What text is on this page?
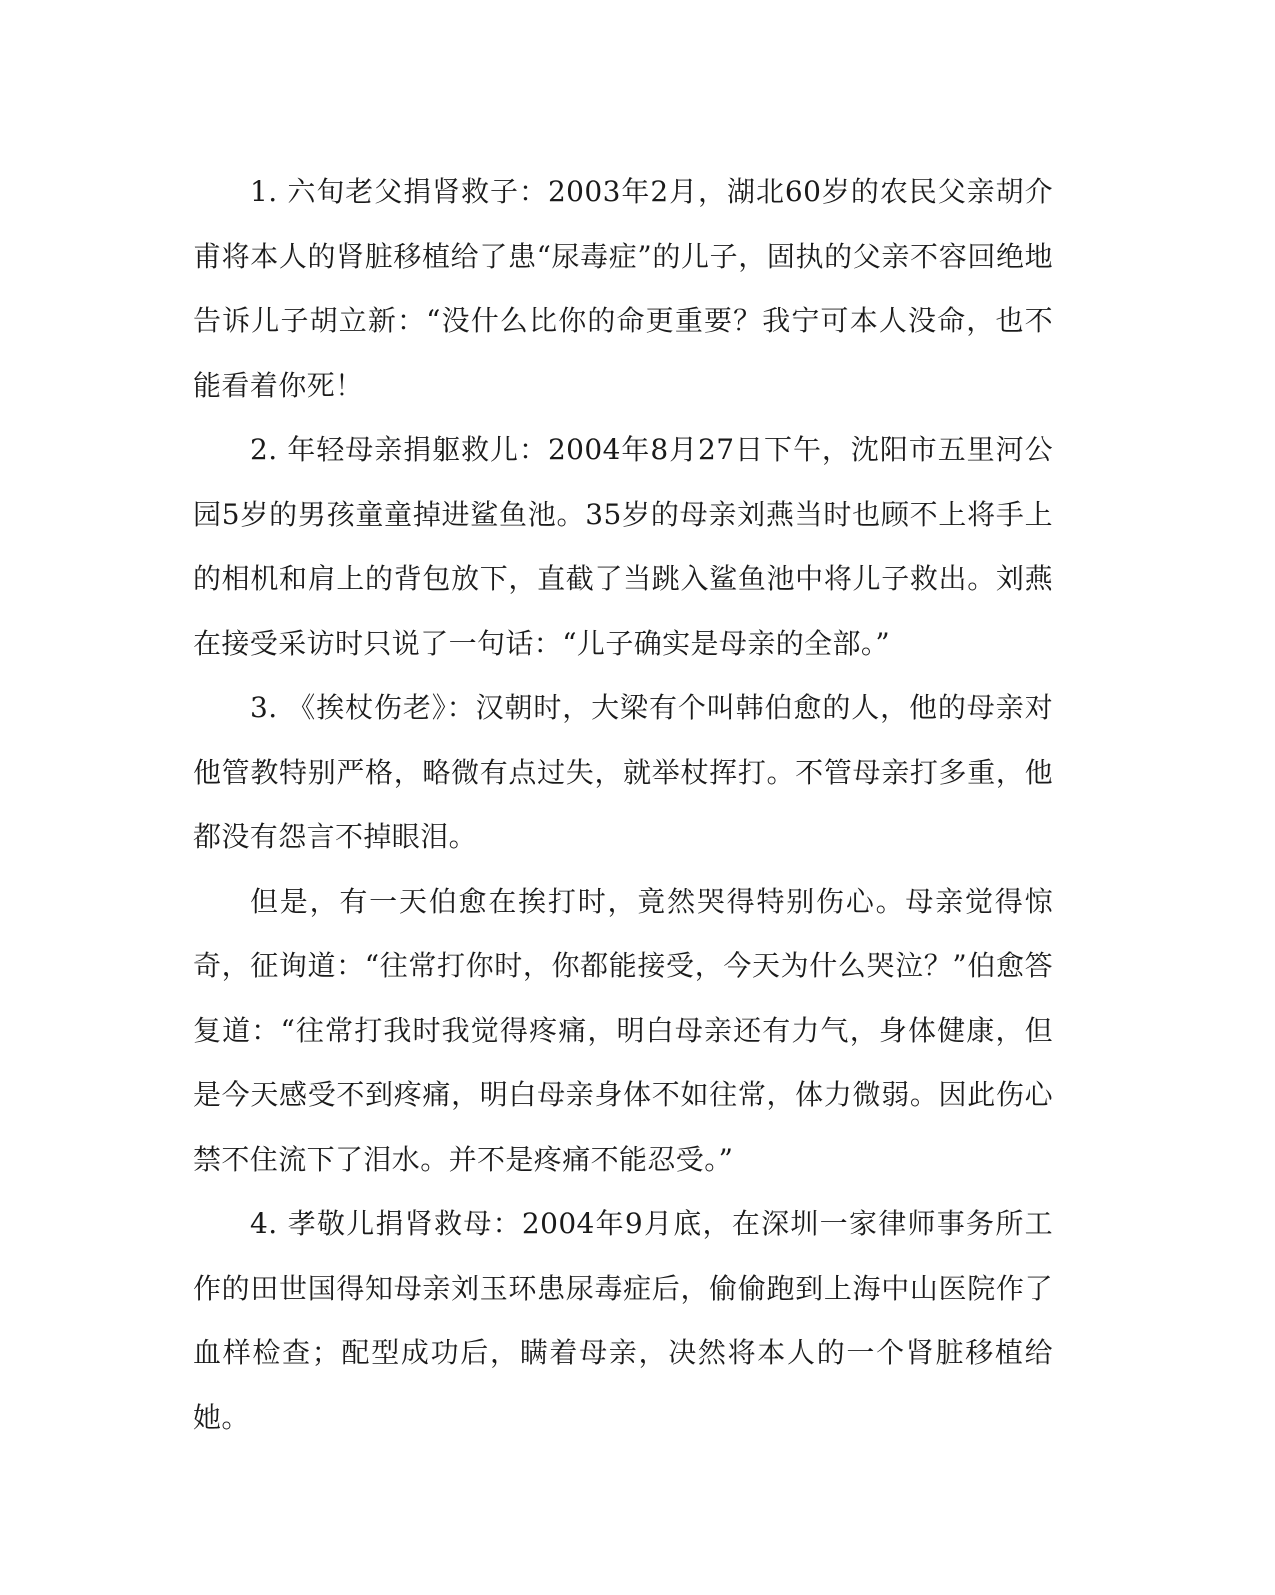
1. 六旬老父捐肾救子：2003年2月，湖北60岁的农民父亲胡介甫将本人的肾脏移植给了患“尿毒症”的儿子，固执的父亲不容回绝地告诉儿子胡立新：“没什么比你的命更重要？我宁可本人没命，也不能看着你死！

2. 年轻母亲捐躯救儿：2004年8月27日下午，沈阳市五里河公园5岁的男孩童童掉进鲨鱼池。35岁的母亲刘燕当时也顾不上将手上的相机和肩上的背包放下，直截了当跳入鲨鱼池中将儿子救出。刘燕在接受采访时只说了一句话：“儿子确实是母亲的全部。”

3. 《挨杖伤老》：汉朝时，大梁有个叫韩伯愈的人，他的母亲对他管教特别严格，略微有点过失，就举杖挥打。不管母亲打多重，他都没有怨言不掉眼泪。

但是，有一天伯愈在挨打时，竟然哭得特别伤心。母亲觉得惊奇，征询道：“往常打你时，你都能接受，今天为什么哭泣？”伯愈答复道：“往常打我时我觉得疼痛，明白母亲还有力气，身体健康，但是今天感受不到疼痛，明白母亲身体不如往常，体力微弱。因此伤心禁不住流下了泪水。并不是疼痛不能忍受。”

4. 孝敬儿捐肾救母：2004年9月底，在深圳一家律师事务所工作的田世国得知母亲刘玉环患尿毒症后，偷偷跑到上海中山医院作了血样检查；配型成功后，瞒着母亲，决然将本人的一个肾脏移植给她。
